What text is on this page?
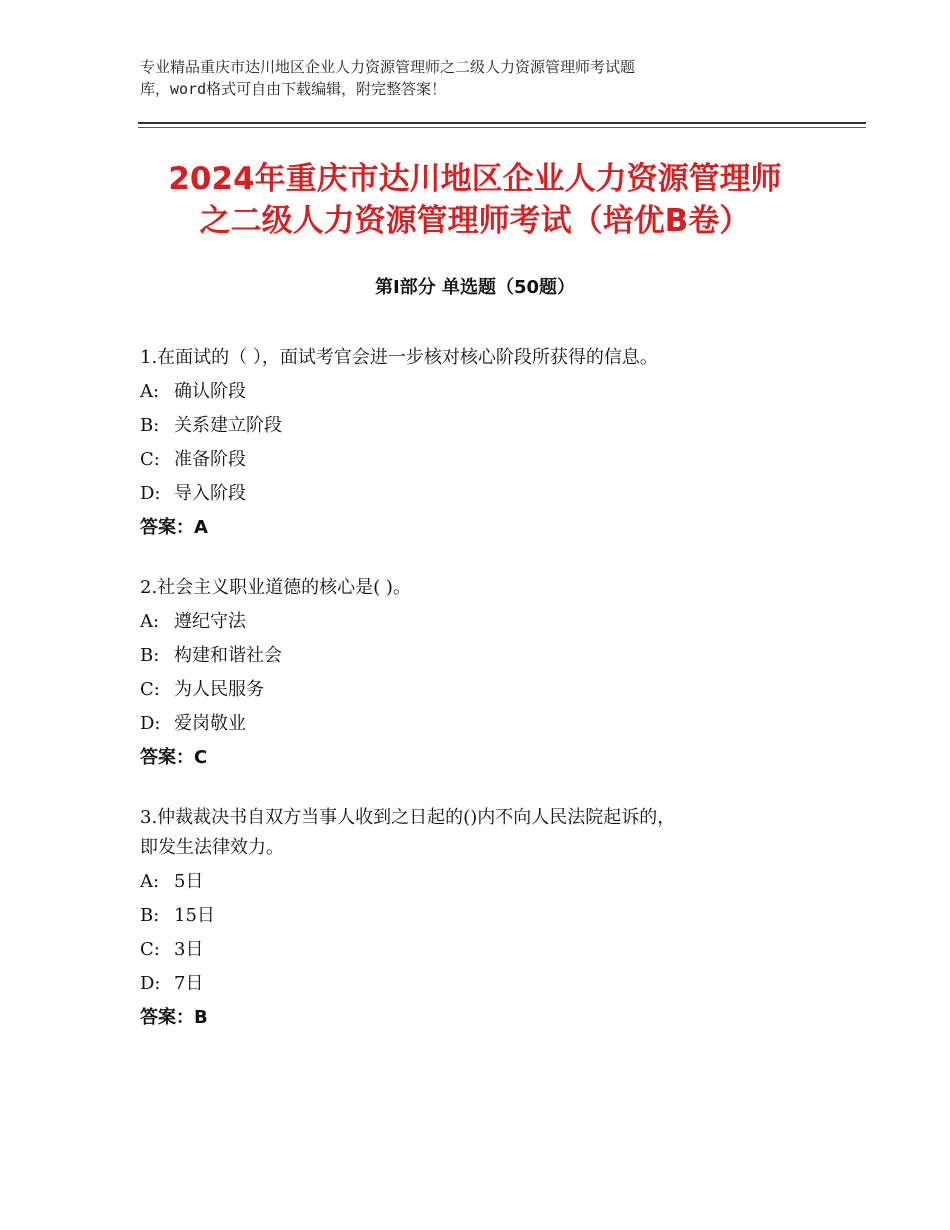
专业精品重庆市达川地区企业人力资源管理师之二级人力资源管理师考试题
库，word格式可自由下载编辑，附完整答案！
2024年重庆市达川地区企业人力资源管理师
之二级人力资源管理师考试（培优B卷）
第Ⅰ部分 单选题（50题）
1.在面试的（ ），面试考官会进一步核对核心阶段所获得的信息。
A: 确认阶段
B: 关系建立阶段
C: 准备阶段
D: 导入阶段
答案：A
2.社会主义职业道德的核心是( )。
A: 遵纪守法
B: 构建和谐社会
C: 为人民服务
D: 爱岗敬业
答案：C
3.仲裁裁决书自双方当事人收到之日起的()内不向人民法院起诉的，
即发生法律效力。
A: 5日
B: 15日
C: 3日
D: 7日
答案：B
